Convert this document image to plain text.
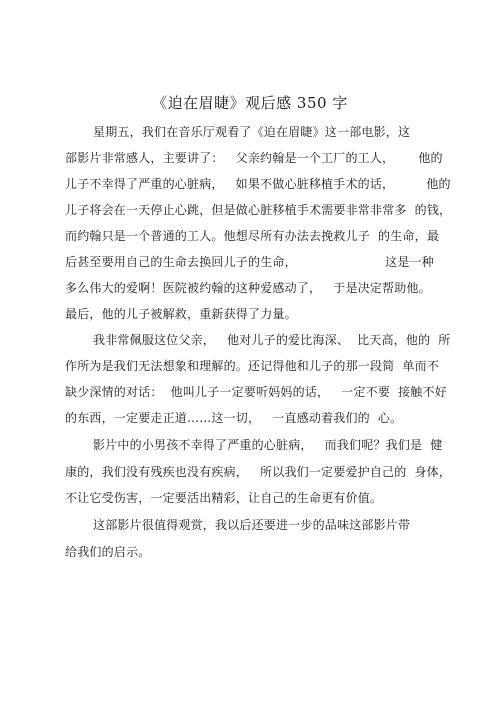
《迫在眉睫》观后感 350 字
星期五，我们在音乐厅观看了《迫在眉睫》这一部电影，这
部影片非常感人，主要讲了：   父亲约翰是一个工厂的工人，      他的
儿子不幸得了严重的心脏病，   如果不做心脏移植手术的话，        他的
儿子将会在一天停止心跳，但是做心脏移植手术需要非常非常多  的钱，
而约翰只是一个普通的工人。他想尽所有办法去挽救儿子  的生命，最
后甚至要用自己的生命去换回儿子的生命，                      这是一种
多么伟大的爱啊！医院被约翰的这种爱感动了，   于是决定帮助他。
最后，他的儿子被解救，重新获得了力量。
我非常佩服这位父亲，   他对儿子的爱比海深、  比天高，他的  所
作所为是我们无法想象和理解的。还记得他和儿子的那一段简  单而不
缺少深情的对话：  他叫儿子一定要听妈妈的话，   一定不要  接触不好
的东西，一定要走正道……这一切，   一直感动着我们的  心。
影片中的小男孩不幸得了严重的心脏病，   而我们呢？我们是  健
康的，我们没有残疾也没有疾病，   所以我们一定要爱护自己的  身体，
不让它受伤害，一定要活出精彩，让自己的生命更有价值。
这部影片很值得观赏，我以后还要进一步的品味这部影片带
给我们的启示。
